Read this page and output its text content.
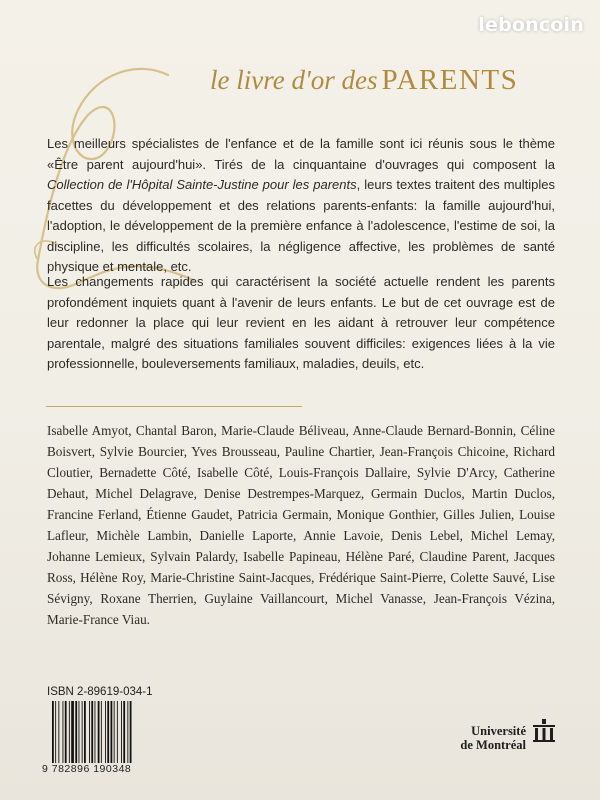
leboncoin
le livre d'or des PARENTS

Les meilleurs spécialistes de l'enfance et de la famille sont ici réunis sous le thème «Être parent aujourd'hui». Tirés de la cinquantaine d'ouvrages qui composent la Collection de l'Hôpital Sainte-Justine pour les parents, leurs textes traitent des multiples facettes du développement et des relations parents-enfants: la famille aujourd'hui, l'adoption, le développement de la première enfance à l'adolescence, l'estime de soi, la discipline, les difficultés scolaires, la négligence affective, les problèmes de santé physique et mentale, etc.

Les changements rapides qui caractérisent la société actuelle rendent les parents profondément inquiets quant à l'avenir de leurs enfants. Le but de cet ouvrage est de leur redonner la place qui leur revient en les aidant à retrouver leur compétence parentale, malgré des situations familiales souvent difficiles: exigences liées à la vie professionnelle, bouleversements familiaux, maladies, deuils, etc.

Isabelle Amyot, Chantal Baron, Marie-Claude Béliveau, Anne-Claude Bernard-Bonnin, Céline Boisvert, Sylvie Bourcier, Yves Brousseau, Pauline Chartier, Jean-François Chicoine, Richard Cloutier, Bernadette Côté, Isabelle Côté, Louis-François Dallaire, Sylvie D'Arcy, Catherine Dehaut, Michel Delagrave, Denise Destrempes-Marquez, Germain Duclos, Martin Duclos, Francine Ferland, Étienne Gaudet, Patricia Germain, Monique Gonthier, Gilles Julien, Louise Lafleur, Michèle Lambin, Danielle Laporte, Annie Lavoie, Denis Lebel, Michel Lemay, Johanne Lemieux, Sylvain Palardy, Isabelle Papineau, Hélène Paré, Claudine Parent, Jacques Ross, Hélène Roy, Marie-Christine Saint-Jacques, Frédérique Saint-Pierre, Colette Sauvé, Lise Sévigny, Roxane Therrien, Guylaine Vaillancourt, Michel Vanasse, Jean-François Vézina, Marie-France Viau.

ISBN 2-89619-034-1
9 782896 190348
Université
de Montréal
